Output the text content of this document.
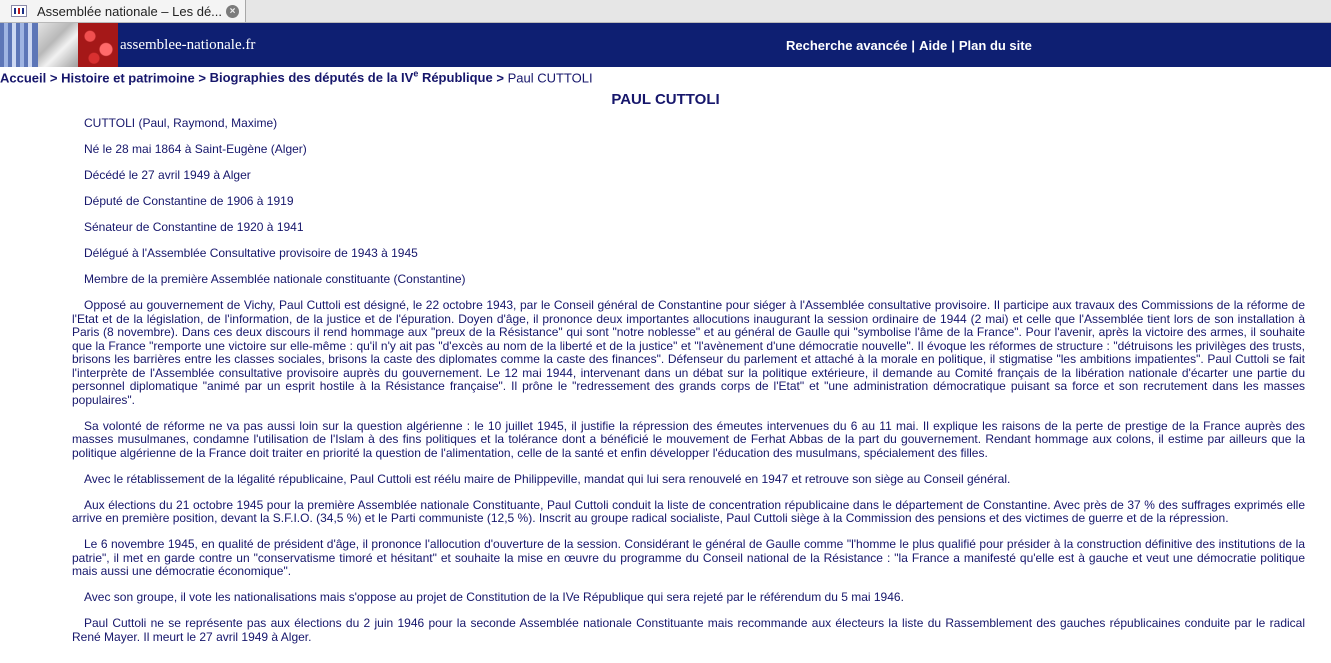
Assemblée nationale – Les dé... ×
assemblee-nationale.fr	Recherche avancée | Aide | Plan du site
Accueil > Histoire et patrimoine > Biographies des députés de la IVe République > Paul CUTTOLI
PAUL CUTTOLI

CUTTOLI (Paul, Raymond, Maxime)

Né le 28 mai 1864 à Saint-Eugène (Alger)

Décédé le 27 avril 1949 à Alger

Député de Constantine de 1906 à 1919

Sénateur de Constantine de 1920 à 1941

Délégué à l'Assemblée Consultative provisoire de 1943 à 1945

Membre de la première Assemblée nationale constituante (Constantine)

Opposé au gouvernement de Vichy, Paul Cuttoli est désigné, le 22 octobre 1943, par le Conseil général de Constantine pour siéger à l'Assemblée consultative provisoire. Il participe aux travaux des Commissions de la réforme de l'Etat et de la législation, de l'information, de la justice et de l'épuration. Doyen d'âge, il prononce deux importantes allocutions inaugurant la session ordinaire de 1944 (2 mai) et celle que l'Assemblée tient lors de son installation à Paris (8 novembre). Dans ces deux discours il rend hommage aux "preux de la Résistance" qui sont "notre noblesse" et au général de Gaulle qui "symbolise l'âme de la France". Pour l'avenir, après la victoire des armes, il souhaite que la France "remporte une victoire sur elle-même : qu'il n'y ait pas "d'excès au nom de la liberté et de la justice" et "l'avènement d'une démocratie nouvelle". Il évoque les réformes de structure : "détruisons les privilèges des trusts, brisons les barrières entre les classes sociales, brisons la caste des diplomates comme la caste des finances". Défenseur du parlement et attaché à la morale en politique, il stigmatise "les ambitions impatientes". Paul Cuttoli se fait l'interprète de l'Assemblée consultative provisoire auprès du gouvernement. Le 12 mai 1944, intervenant dans un débat sur la politique extérieure, il demande au Comité français de la libération nationale d'écarter une partie du personnel diplomatique "animé par un esprit hostile à la Résistance française". Il prône le "redressement des grands corps de l'Etat" et "une administration démocratique puisant sa force et son recrutement dans les masses populaires".

Sa volonté de réforme ne va pas aussi loin sur la question algérienne : le 10 juillet 1945, il justifie la répression des émeutes intervenues du 6 au 11 mai. Il explique les raisons de la perte de prestige de la France auprès des masses musulmanes, condamne l'utilisation de l'Islam à des fins politiques et la tolérance dont a bénéficié le mouvement de Ferhat Abbas de la part du gouvernement. Rendant hommage aux colons, il estime par ailleurs que la politique algérienne de la France doit traiter en priorité la question de l'alimentation, celle de la santé et enfin développer l'éducation des musulmans, spécialement des filles.

Avec le rétablissement de la légalité républicaine, Paul Cuttoli est réélu maire de Philippeville, mandat qui lui sera renouvelé en 1947 et retrouve son siège au Conseil général.

Aux élections du 21 octobre 1945 pour la première Assemblée nationale Constituante, Paul Cuttoli conduit la liste de concentration républicaine dans le département de Constantine. Avec près de 37 % des suffrages exprimés elle arrive en première position, devant la S.F.I.O. (34,5 %) et le Parti communiste (12,5 %). Inscrit au groupe radical socialiste, Paul Cuttoli siège à la Commission des pensions et des victimes de guerre et de la répression.

Le 6 novembre 1945, en qualité de président d'âge, il prononce l'allocution d'ouverture de la session. Considérant le général de Gaulle comme "l'homme le plus qualifié pour présider à la construction définitive des institutions de la patrie", il met en garde contre un "conservatisme timoré et hésitant" et souhaite la mise en œuvre du programme du Conseil national de la Résistance : "la France a manifesté qu'elle est à gauche et veut une démocratie politique mais aussi une démocratie économique".

Avec son groupe, il vote les nationalisations mais s'oppose au projet de Constitution de la IVe République qui sera rejeté par le référendum du 5 mai 1946.

Paul Cuttoli ne se représente pas aux élections du 2 juin 1946 pour la seconde Assemblée nationale Constituante mais recommande aux électeurs la liste du Rassemblement des gauches républicaines conduite par le radical René Mayer. Il meurt le 27 avril 1949 à Alger.
